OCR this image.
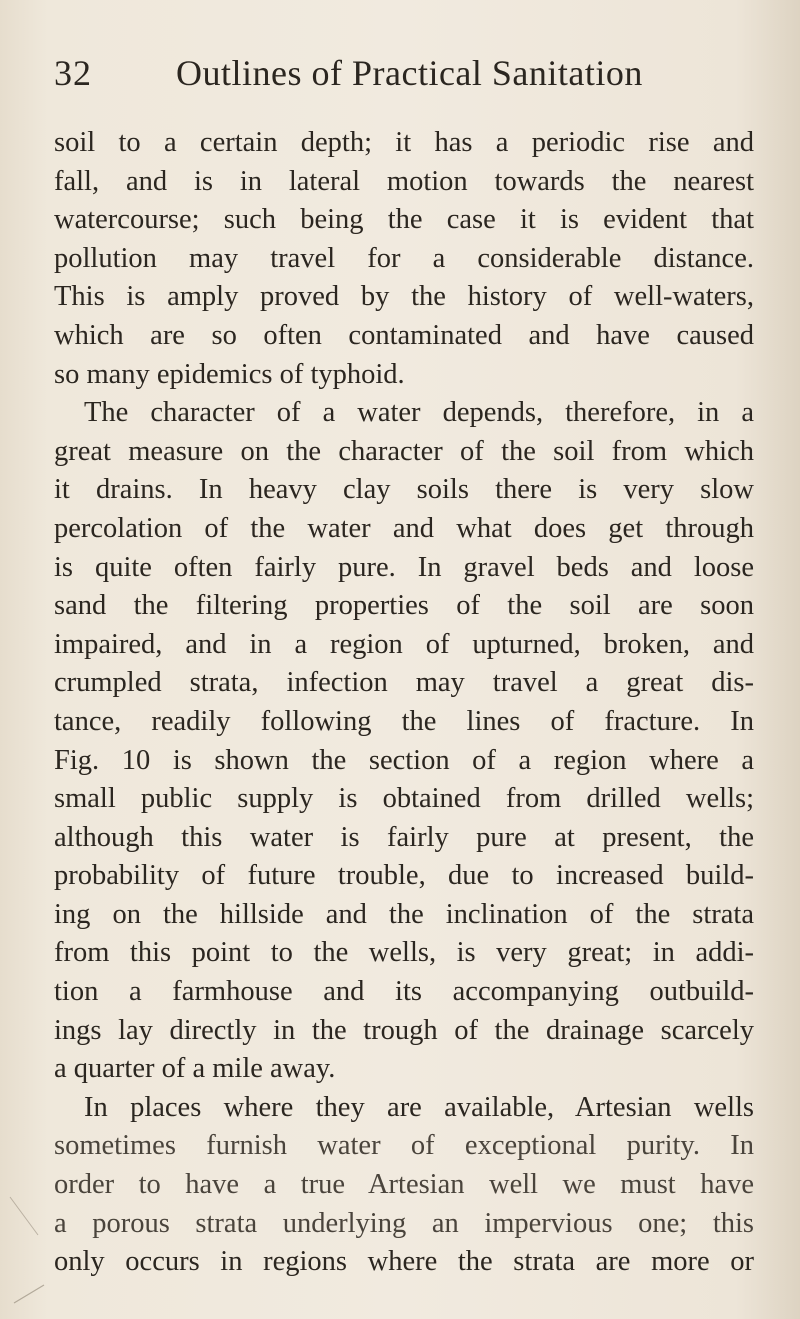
32 Outlines of Practical Sanitation
soil to a certain depth; it has a periodic rise and
fall, and is in lateral motion towards the nearest
watercourse; such being the case it is evident that
pollution may travel for a considerable distance.
This is amply proved by the history of well-waters,
which are so often contaminated and have caused
so many epidemics of typhoid.
The character of a water depends, therefore, in a
great measure on the character of the soil from which
it drains. In heavy clay soils there is very slow
percolation of the water and what does get through
is quite often fairly pure. In gravel beds and loose
sand the filtering properties of the soil are soon
impaired, and in a region of upturned, broken, and
crumpled strata, infection may travel a great dis-
tance, readily following the lines of fracture. In
Fig. 10 is shown the section of a region where a
small public supply is obtained from drilled wells;
although this water is fairly pure at present, the
probability of future trouble, due to increased build-
ing on the hillside and the inclination of the strata
from this point to the wells, is very great; in addi-
tion a farmhouse and its accompanying outbuild-
ings lay directly in the trough of the drainage scarcely
a quarter of a mile away.
In places where they are available, Artesian wells
sometimes furnish water of exceptional purity. In
order to have a true Artesian well we must have
a porous strata underlying an impervious one; this
only occurs in regions where the strata are more or
